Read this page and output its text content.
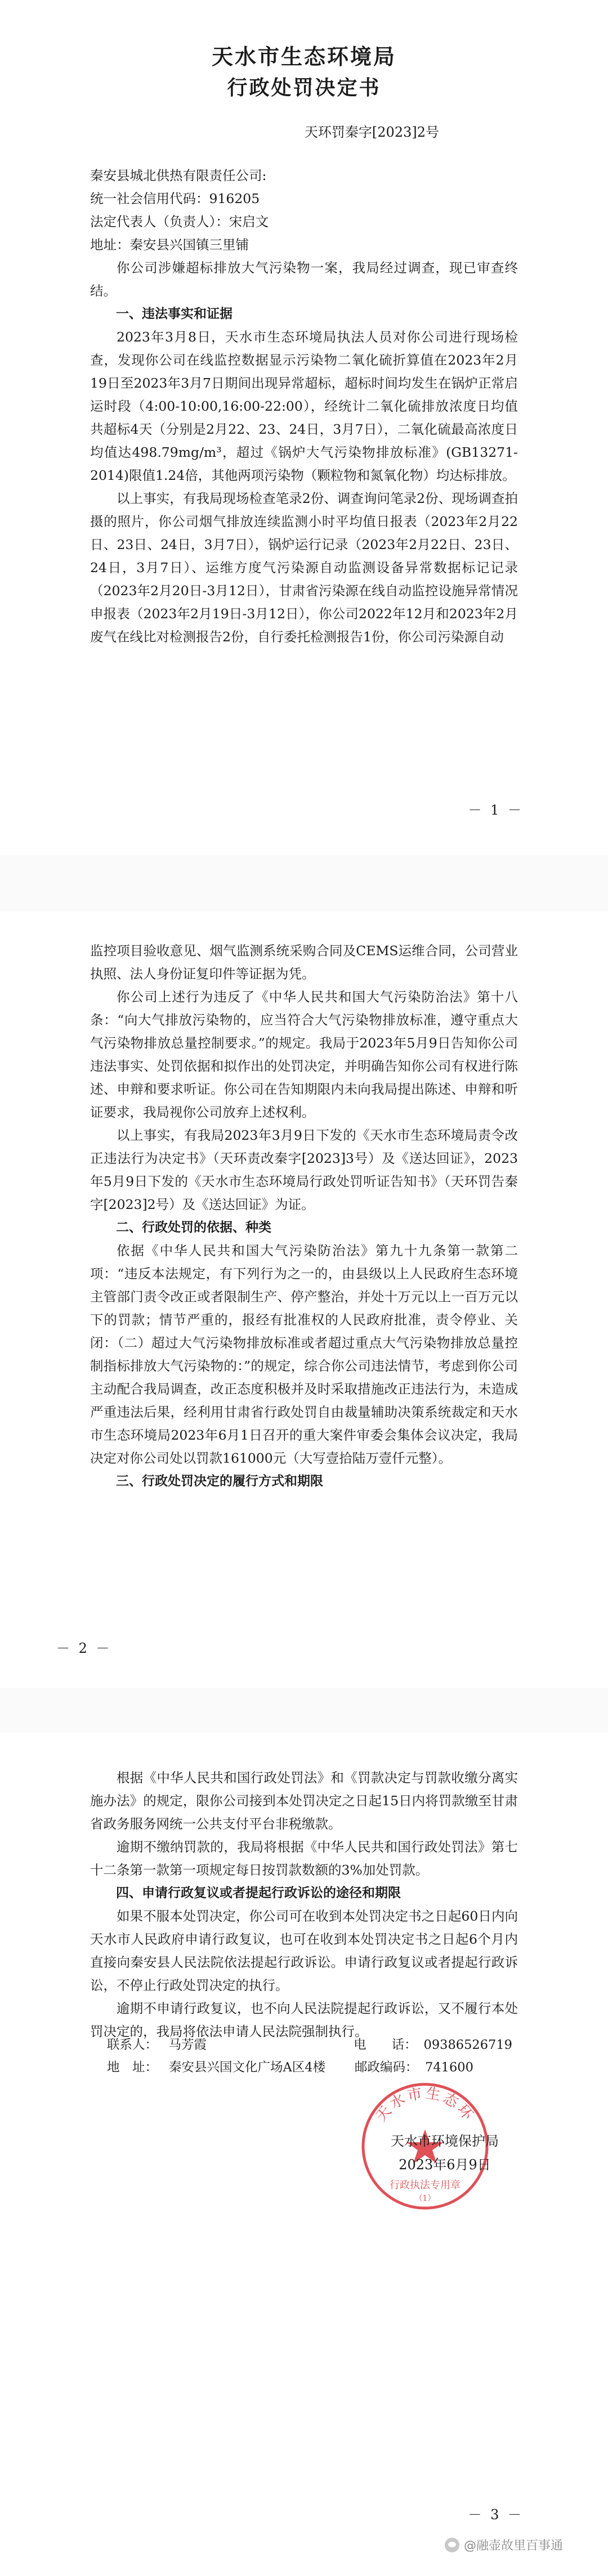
天水市生态环境局
行政处罚决定书
天环罚秦字[2023]2号

秦安县城北供热有限责任公司:

统一社会信用代码：916205

法定代表人（负责人）：宋启文

地址：秦安县兴国镇三里铺

你公司涉嫌超标排放大气污染物一案，我局经过调查，现已审查终结。

一、违法事实和证据

2023年3月8日，天水市生态环境局执法人员对你公司进行现场检查，发现你公司在线监控数据显示污染物二氧化硫折算值在2023年2月19日至2023年3月7日期间出现异常超标，超标时间均发生在锅炉正常启运时段（4:00-10:00,16:00-22:00），经统计二氧化硫排放浓度日均值共超标4天（分别是2月22、23、24日，3月7日），二氧化硫最高浓度日均值达498.79mg/m³，超过《锅炉大气污染物排放标准》(GB13271-2014)限值1.24倍，其他两项污染物（颗粒物和氮氧化物）均达标排放。

以上事实，有我局现场检查笔录2份、调查询问笔录2份、现场调查拍摄的照片，你公司烟气排放连续监测小时平均值日报表（2023年2月22日、23日、24日，3月7日），锅炉运行记录（2023年2月22日、23日、24日，3月7日）、运维方度气污染源自动监测设备异常数据标记记录（2023年2月20日-3月12日），甘肃省污染源在线自动监控设施异常情况申报表（2023年2月19日-3月12日），你公司2022年12月和2023年2月废气在线比对检测报告2份，自行委托检测报告1份，你公司污染源自动

－ 1 －

监控项目验收意见、烟气监测系统采购合同及CEMS运维合同，公司营业执照、法人身份证复印件等证据为凭。

你公司上述行为违反了《中华人民共和国大气污染防治法》第十八条：“向大气排放污染物的，应当符合大气污染物排放标准，遵守重点大气污染物排放总量控制要求。”的规定。我局于2023年5月9日告知你公司违法事实、处罚依据和拟作出的处罚决定，并明确告知你公司有权进行陈述、申辩和要求听证。你公司在告知期限内未向我局提出陈述、申辩和听证要求，我局视你公司放弃上述权利。

以上事实，有我局2023年3月9日下发的《天水市生态环境局责令改正违法行为决定书》（天环责改秦字[2023]3号）及《送达回证》，2023年5月9日下发的《天水市生态环境局行政处罚听证告知书》（天环罚告秦字[2023]2号）及《送达回证》为证。

二、行政处罚的依据、种类

依据《中华人民共和国大气污染防治法》第九十九条第一款第二项：“违反本法规定，有下列行为之一的，由县级以上人民政府生态环境主管部门责令改正或者限制生产、停产整治，并处十万元以上一百万元以下的罚款；情节严重的，报经有批准权的人民政府批准，责令停业、关闭：（二）超过大气污染物排放标准或者超过重点大气污染物排放总量控制指标排放大气污染物的：”的规定，综合你公司违法情节，考虑到你公司主动配合我局调查，改正态度积极并及时采取措施改正违法行为，未造成严重违法后果，经利用甘肃省行政处罚自由裁量辅助决策系统裁定和天水市生态环境局2023年6月1日召开的重大案件审委会集体会议决定，我局决定对你公司处以罚款161000元（大写壹拾陆万壹仟元整）。

三、行政处罚决定的履行方式和期限

－ 2 －

根据《中华人民共和国行政处罚法》和《罚款决定与罚款收缴分离实施办法》的规定，限你公司接到本处罚决定之日起15日内将罚款缴至甘肃省政务服务网统一公共支付平台非税缴款。

逾期不缴纳罚款的，我局将根据《中华人民共和国行政处罚法》第七十二条第一款第一项规定每日按罚款数额的3%加处罚款。

四、申请行政复议或者提起行政诉讼的途径和期限

如果不服本处罚决定，你公司可在收到本处罚决定书之日起60日内向天水市人民政府申请行政复议，也可在收到本处罚决定书之日起6个月内直接向秦安县人民法院依法提起行政诉讼。申请行政复议或者提起行政诉讼，不停止行政处罚决定的执行。

逾期不申请行政复议，也不向人民法院提起行政诉讼，又不履行本处罚决定的，我局将依法申请人民法院强制执行。

联系人： 马芳霞	电　　话： 09386526719
地　址： 秦安县兴国文化广场A区4楼	邮政编码： 741600
天水市生态环
行政执法专用章
（1）
天水市环境保护局
2023年6月9日
－ 3 －
@融壶故里百事通
